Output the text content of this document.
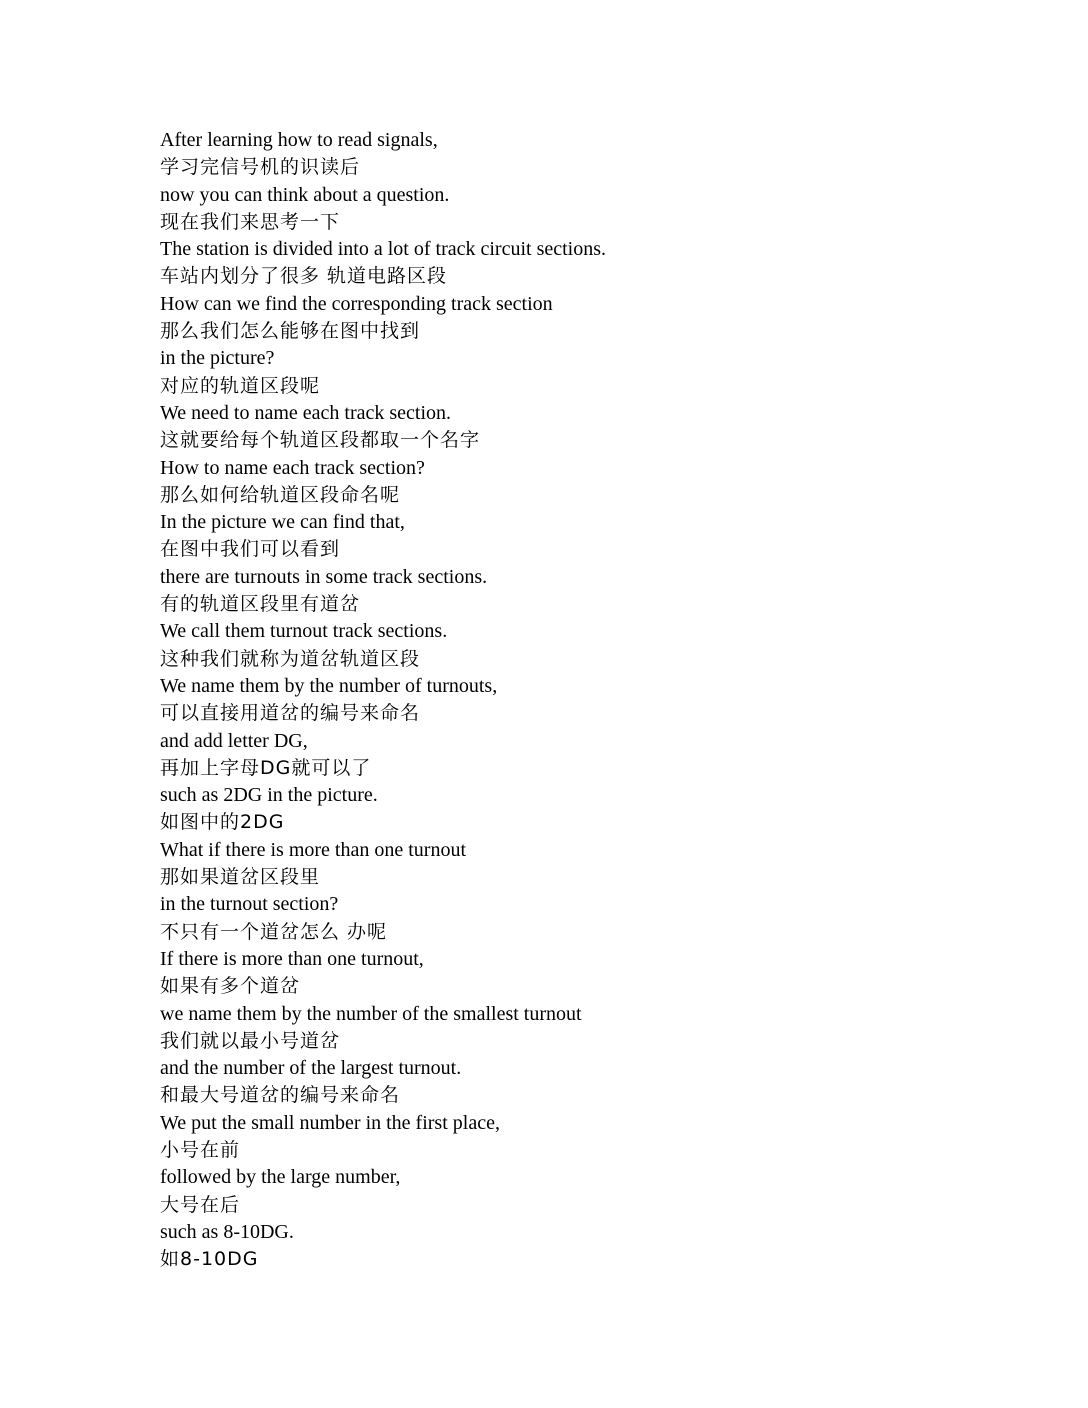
After learning how to read signals,
学习完信号机的识读后
now you can think about a question.
现在我们来思考一下
The station is divided into a lot of track circuit sections.
车站内划分了很多 轨道电路区段
How can we find the corresponding track section
那么我们怎么能够在图中找到
in the picture?
对应的轨道区段呢
We need to name each track section.
这就要给每个轨道区段都取一个名字
How to name each track section?
那么如何给轨道区段命名呢
In the picture we can find that,
在图中我们可以看到
there are turnouts in some track sections.
有的轨道区段里有道岔
We call them turnout track sections.
这种我们就称为道岔轨道区段
We name them by the number of turnouts,
可以直接用道岔的编号来命名
and add letter DG,
再加上字母DG就可以了
such as 2DG in the picture.
如图中的2DG
What if there is more than one turnout
那如果道岔区段里
in the turnout section?
不只有一个道岔怎么 办呢
If there is more than one turnout,
如果有多个道岔
we name them by the number of the smallest turnout
我们就以最小号道岔
and the number of the largest turnout.
和最大号道岔的编号来命名
We put the small number in the first place,
小号在前
followed by the large number,
大号在后
such as 8-10DG.
如8-10DG
